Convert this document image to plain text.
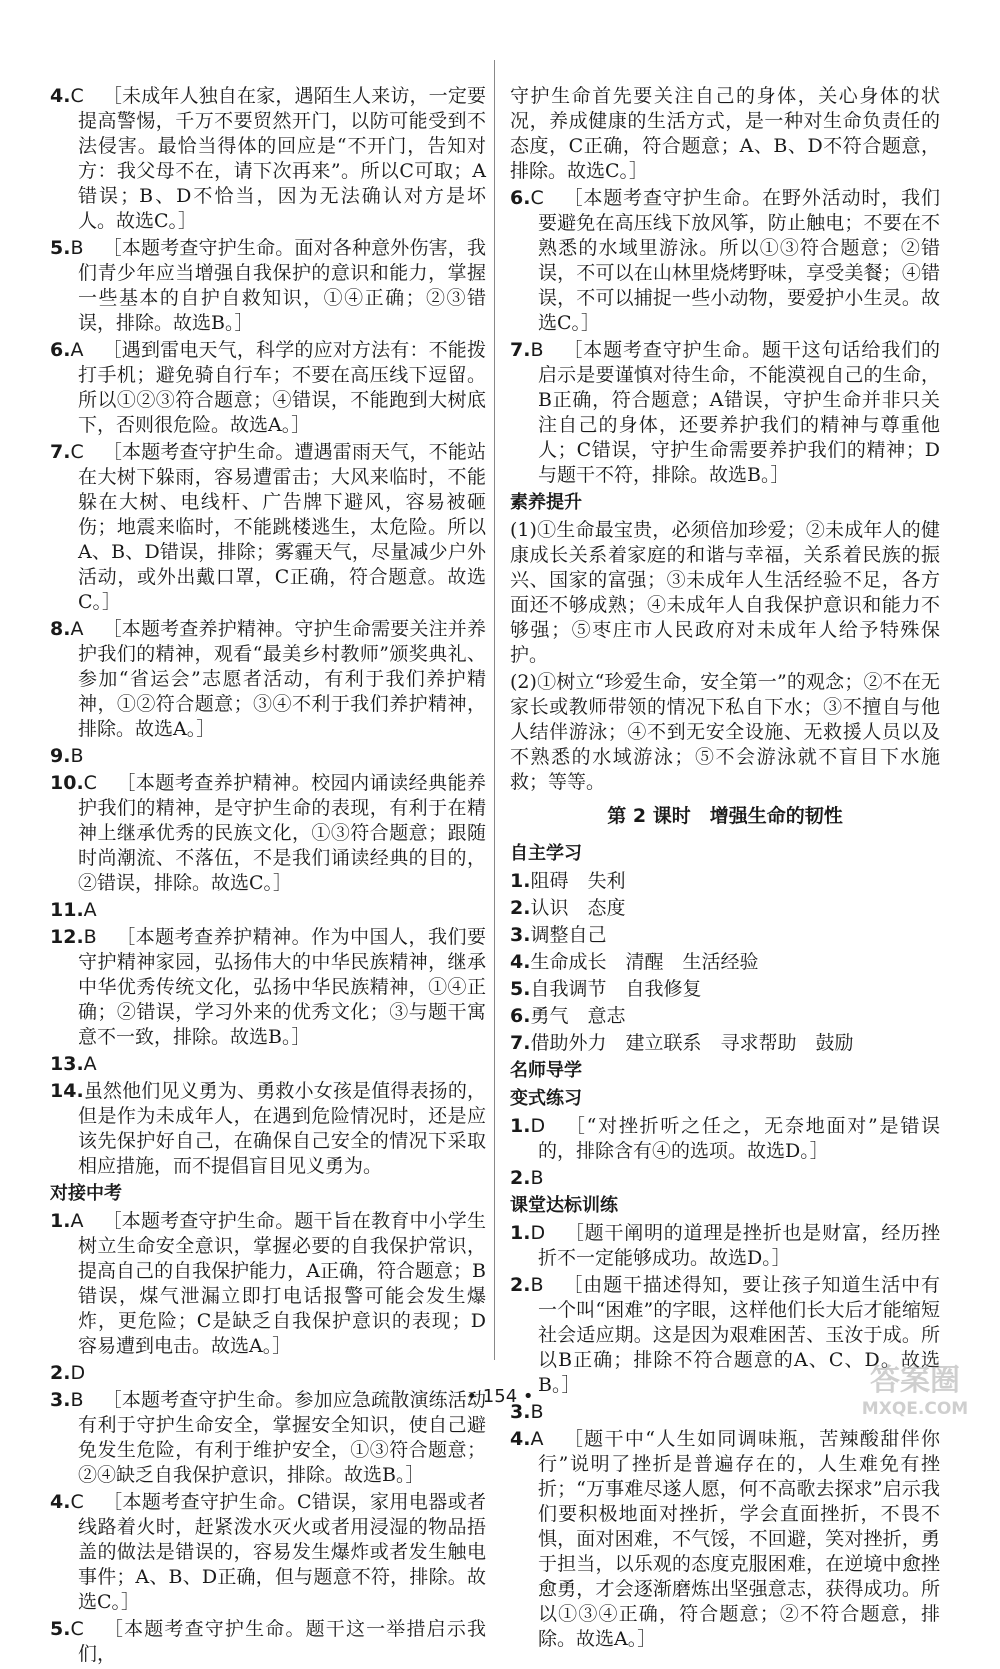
4.C  ［未成年人独自在家，遇陌生人来访，一定要提高警惕，千万不要贸然开门，以防可能受到不法侵害。最恰当得体的回应是“不开门，告知对方：我父母不在，请下次再来”。所以C可取；A错误；B、D不恰当，因为无法确认对方是坏人。故选C。］
5.B  ［本题考查守护生命。面对各种意外伤害，我们青少年应当增强自我保护的意识和能力，掌握一些基本的自护自救知识，①④正确；②③错误，排除。故选B。］
6.A  ［遇到雷电天气，科学的应对方法有：不能拨打手机；避免骑自行车；不要在高压线下逗留。所以①②③符合题意；④错误，不能跑到大树底下，否则很危险。故选A。］
7.C  ［本题考查守护生命。遭遇雷雨天气，不能站在大树下躲雨，容易遭雷击；大风来临时，不能躲在大树、电线杆、广告牌下避风，容易被砸伤；地震来临时，不能跳楼逃生，太危险。所以A、B、D错误，排除；雾霾天气，尽量减少户外活动，或外出戴口罩，C正确，符合题意。故选C。］
8.A  ［本题考查养护精神。守护生命需要关注并养护我们的精神，观看“最美乡村教师”颁奖典礼、参加“省运会”志愿者活动，有利于我们养护精神，①②符合题意；③④不利于我们养护精神，排除。故选A。］
9.B 
10.C  ［本题考查养护精神。校园内诵读经典能养护我们的精神，是守护生命的表现，有利于在精神上继承优秀的民族文化，①③符合题意；跟随时尚潮流、不落伍，不是我们诵读经典的目的，②错误，排除。故选C。］
11.A 
12.B  ［本题考查养护精神。作为中国人，我们要守护精神家园，弘扬伟大的中华民族精神，继承中华优秀传统文化，弘扬中华民族精神，①④正确；②错误，学习外来的优秀文化；③与题干寓意不一致，排除。故选B。］
13.A 
14.虽然他们见义勇为、勇救小女孩是值得表扬的，但是作为未成年人，在遇到危险情况时，还是应该先保护好自己，在确保自己安全的情况下采取相应措施，而不提倡盲目见义勇为。
对接中考
1.A  ［本题考查守护生命。题干旨在教育中小学生树立生命安全意识，掌握必要的自我保护常识，提高自己的自我保护能力，A正确，符合题意；B错误，煤气泄漏立即打电话报警可能会发生爆炸，更危险；C是缺乏自我保护意识的表现；D容易遭到电击。故选A。］
2.D 
3.B  ［本题考查守护生命。参加应急疏散演练活动有利于守护生命安全，掌握安全知识，使自己避免发生危险，有利于维护安全，①③符合题意；②④缺乏自我保护意识，排除。故选B。］
4.C  ［本题考查守护生命。C错误，家用电器或者线路着火时，赶紧泼水灭火或者用浸湿的物品捂盖的做法是错误的，容易发生爆炸或者发生触电事件；A、B、D正确，但与题意不符，排除。故选C。］
5.C  ［本题考查守护生命。题干这一举措启示我们，
守护生命首先要关注自己的身体，关心身体的状况，养成健康的生活方式，是一种对生命负责任的态度，C正确，符合题意；A、B、D不符合题意，排除。故选C。］
6.C  ［本题考查守护生命。在野外活动时，我们要避免在高压线下放风筝，防止触电；不要在不熟悉的水域里游泳。所以①③符合题意；②错误，不可以在山林里烧烤野味，享受美餐；④错误，不可以捕捉一些小动物，要爱护小生灵。故选C。］
7.B  ［本题考查守护生命。题干这句话给我们的启示是要谨慎对待生命，不能漠视自己的生命，B正确，符合题意；A错误，守护生命并非只关注自己的身体，还要养护我们的精神与尊重他人；C错误，守护生命需要养护我们的精神；D与题干不符，排除。故选B。］
素养提升
(1)①生命最宝贵，必须倍加珍爱；②未成年人的健康成长关系着家庭的和谐与幸福，关系着民族的振兴、国家的富强；③未成年人生活经验不足，各方面还不够成熟；④未成年人自我保护意识和能力不够强；⑤枣庄市人民政府对未成年人给予特殊保护。
(2)①树立“珍爱生命，安全第一”的观念；②不在无家长或教师带领的情况下私自下水；③不擅自与他人结伴游泳；④不到无安全设施、无救援人员以及不熟悉的水域游泳；⑤不会游泳就不盲目下水施救；等等。
第 2 课时　增强生命的韧性
自主学习
1.阻碍　失利
2.认识　态度
3.调整自己
4.生命成长　清醒　生活经验
5.自我调节　自我修复
6.勇气　意志
7.借助外力　建立联系　寻求帮助　鼓励
名师导学
变式练习
1.D  ［“对挫折听之任之，无奈地面对”是错误的，排除含有④的选项。故选D。］
2.B 
课堂达标训练
1.D  ［题干阐明的道理是挫折也是财富，经历挫折不一定能够成功。故选D。］
2.B  ［由题干描述得知，要让孩子知道生活中有一个叫“困难”的字眼，这样他们长大后才能缩短社会适应期。这是因为艰难困苦、玉汝于成。所以B正确；排除不符合题意的A、C、D。故选B。］
3.B 
4.A  ［题干中“人生如同调味瓶，苦辣酸甜伴你行”说明了挫折是普遍存在的，人生难免有挫折；“万事难尽遂人愿，何不高歌去探求”启示我们要积极地面对挫折，学会直面挫折，不畏不惧，面对困难，不气馁，不回避，笑对挫折，勇于担当，以乐观的态度克服困难，在逆境中愈挫愈勇，才会逐渐磨炼出坚强意志，获得成功。所以①③④正确，符合题意；②不符合题意，排除。故选A。］
• 154 •	答案圈
MXQE.COM
